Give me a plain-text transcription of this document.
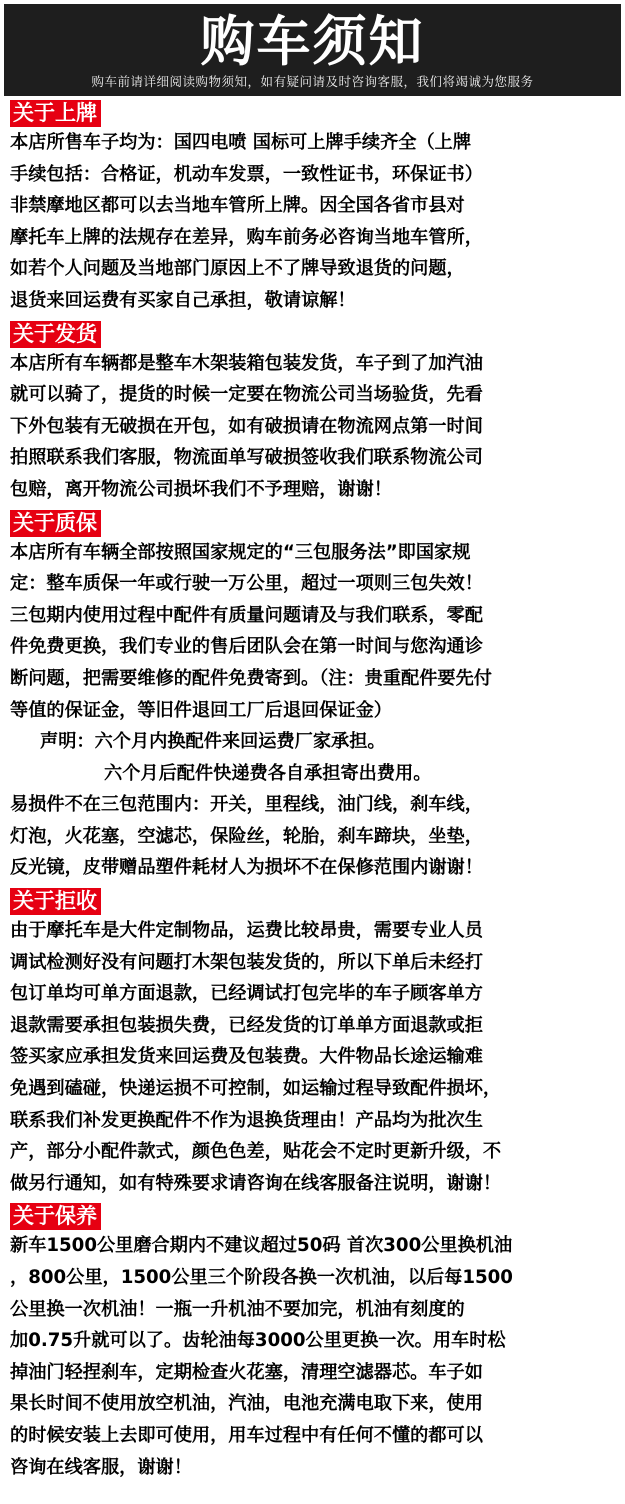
购车须知
购车前请详细阅读购物须知，如有疑问请及时咨询客服，我们将竭诚为您服务
关于上牌

本店所售车子均为：国四电喷 国标可上牌手续齐全（上牌

手续包括：合格证，机动车发票，一致性证书，环保证书）

非禁摩地区都可以去当地车管所上牌。因全国各省市县对

摩托车上牌的法规存在差异，购车前务必咨询当地车管所，

如若个人问题及当地部门原因上不了牌导致退货的问题，

退货来回运费有买家自己承担，敬请谅解！

关于发货

本店所有车辆都是整车木架装箱包装发货，车子到了加汽油

就可以骑了，提货的时候一定要在物流公司当场验货，先看

下外包装有无破损在开包，如有破损请在物流网点第一时间

拍照联系我们客服，物流面单写破损签收我们联系物流公司

包赔，离开物流公司损坏我们不予理赔，谢谢！

关于质保

本店所有车辆全部按照国家规定的“三包服务法”即国家规

定：整车质保一年或行驶一万公里，超过一项则三包失效！

三包期内使用过程中配件有质量问题请及与我们联系，零配

件免费更换，我们专业的售后团队会在第一时间与您沟通诊

断问题，把需要维修的配件免费寄到。（注：贵重配件要先付

等值的保证金，等旧件退回工厂后退回保证金）

声明：六个月内换配件来回运费厂家承担。

六个月后配件快递费各自承担寄出费用。

易损件不在三包范围内：开关，里程线，油门线，刹车线，

灯泡，火花塞，空滤芯，保险丝，轮胎，刹车蹄块，坐垫，

反光镜，皮带赠品塑件耗材人为损坏不在保修范围内谢谢！

关于拒收

由于摩托车是大件定制物品，运费比较昂贵，需要专业人员

调试检测好没有问题打木架包装发货的，所以下单后未经打

包订单均可单方面退款，已经调试打包完毕的车子顾客单方

退款需要承担包装损失费，已经发货的订单单方面退款或拒

签买家应承担发货来回运费及包装费。大件物品长途运输难

免遇到磕碰，快递运损不可控制，如运输过程导致配件损坏，

联系我们补发更换配件不作为退换货理由！产品均为批次生

产，部分小配件款式，颜色色差，贴花会不定时更新升级，不

做另行通知，如有特殊要求请咨询在线客服备注说明，谢谢！

关于保养

新车1500公里磨合期内不建议超过50码 首次300公里换机油

，800公里，1500公里三个阶段各换一次机油，以后每1500

公里换一次机油！一瓶一升机油不要加完，机油有刻度的

加0.75升就可以了。齿轮油每3000公里更换一次。用车时松

掉油门轻捏刹车，定期检查火花塞，清理空滤器芯。车子如

果长时间不使用放空机油，汽油，电池充满电取下来，使用

的时候安装上去即可使用，用车过程中有任何不懂的都可以

咨询在线客服，谢谢！
